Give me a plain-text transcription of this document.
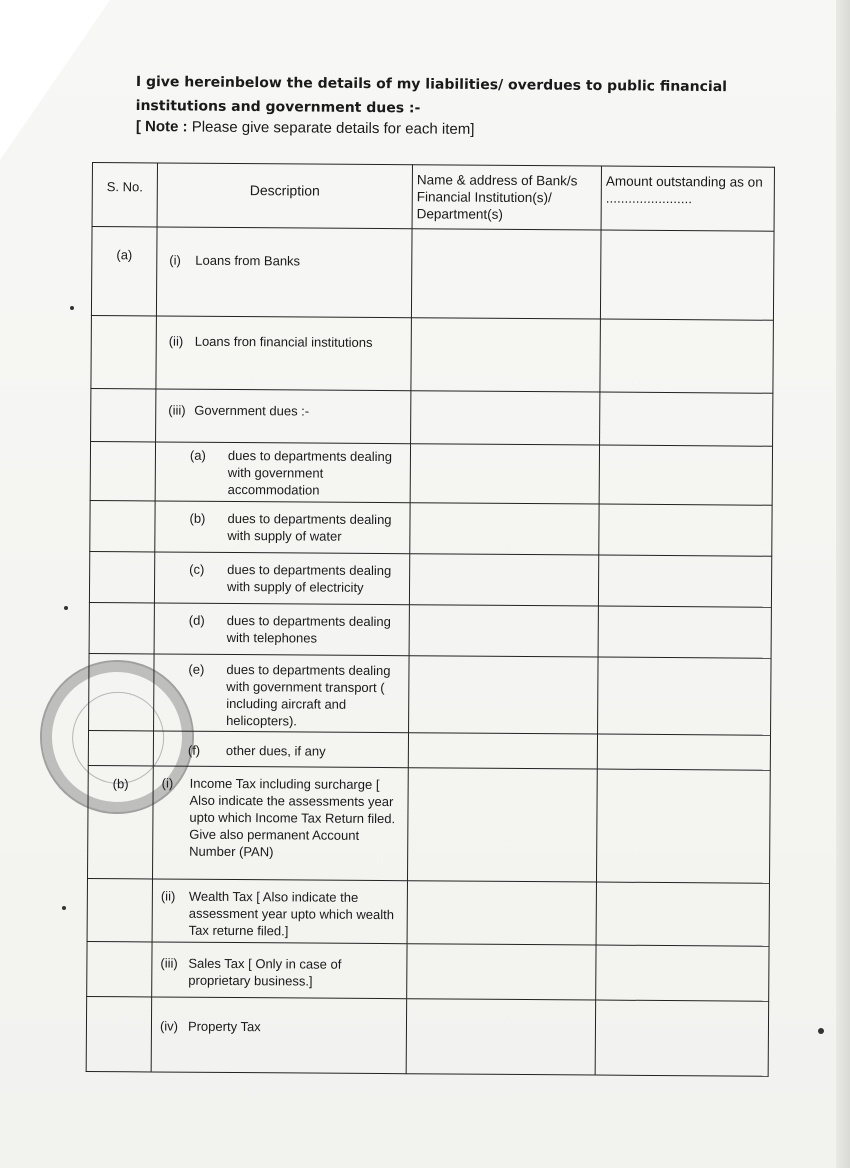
I give hereinbelow the details of my liabilities/ overdues to public financial institutions and government dues :-
[ Note : Please give separate details for each item]
S. No.	Description	Name & address of Bank/s Financial Institution(s)/ Department(s)	Amount outstanding as on .......................
(a)	(i) Loans from Banks		
	(ii) Loans fron financial institutions		
	(iii) Government dues :-		

	(a) dues to departments dealing with government accommodation		

	(b) dues to departments dealing with supply of water		

	(c) dues to departments dealing with supply of electricity		

	(d) dues to departments dealing with telephones		

	(e) dues to departments dealing with government transport ( including aircraft and helicopters).		

	(f) other dues, if any		

(b)	(i) Income Tax including surcharge [ Also indicate the assessments year upto which Income Tax Return filed. Give also permanent Account Number (PAN)		

	(ii) Wealth Tax [ Also indicate the assessment year upto which wealth Tax returne filed.]		

	(iii) Sales Tax [ Only in case of proprietary business.]		

	(iv) Property Tax		
